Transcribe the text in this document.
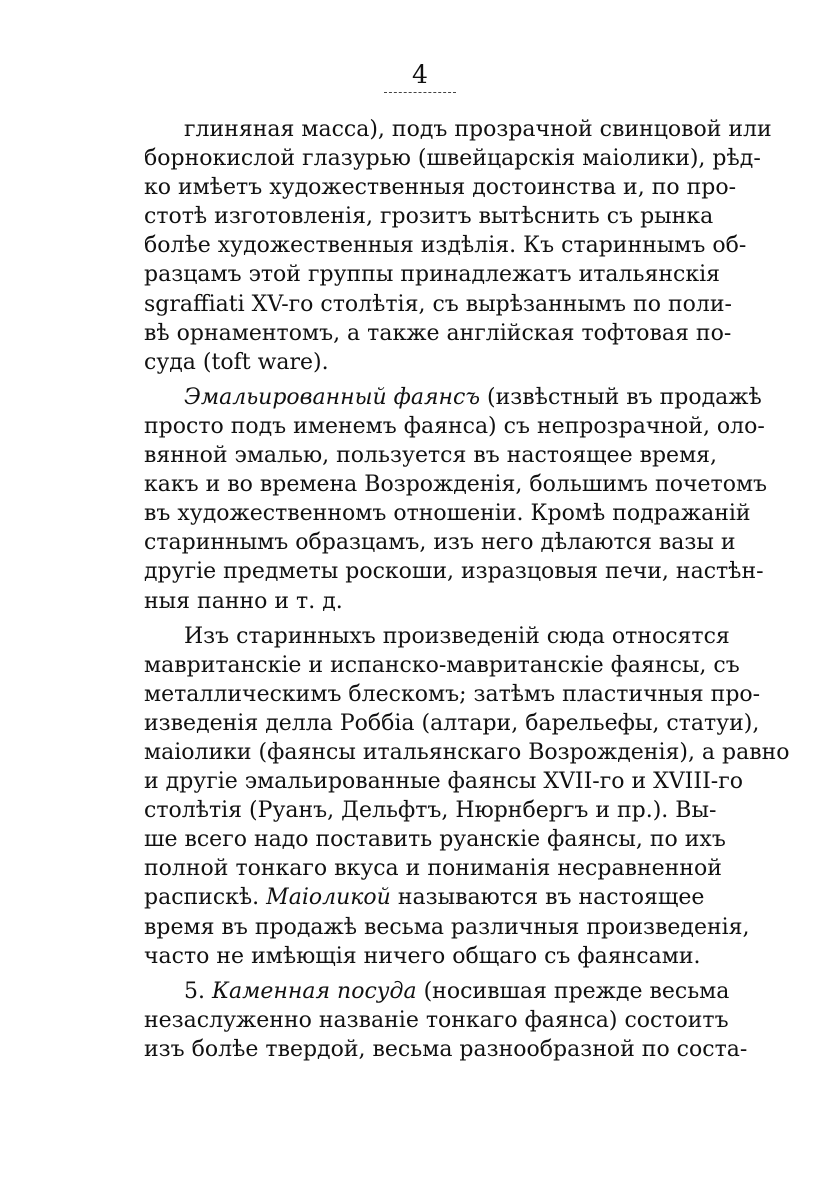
4
глиняная масса), подъ прозрачной свинцовой или
борнокислой глазурью (швейцарскія маіолики), рѣд-
ко имѣетъ художественныя достоинства и, по про-
стотѣ изготовленія, грозитъ вытѣснить съ рынка
болѣе художественныя издѣлія. Къ стариннымъ об-
разцамъ этой группы принадлежатъ итальянскія
sgraffiati XV-го столѣтія, съ вырѣзаннымъ по поли-
вѣ орнаментомъ, а также англійская тофтовая по-
суда (toft ware).
Эмальированный фаянсъ (извѣстный въ продажѣ
просто подъ именемъ фаянса) съ непрозрачной, оло-
вянной эмалью, пользуется въ настоящее время,
какъ и во времена Возрожденія, большимъ почетомъ
въ художественномъ отношеніи. Кромѣ подражаній
стариннымъ образцамъ, изъ него дѣлаются вазы и
другіе предметы роскоши, изразцовыя печи, настѣн-
ныя панно и т. д.
Изъ старинныхъ произведеній сюда относятся
мавританскіе и испанско-мавританскіе фаянсы, съ
металлическимъ блескомъ; затѣмъ пластичныя про-
изведенія делла Роббіа (алтари, барельефы, статуи),
маіолики (фаянсы итальянскаго Возрожденія), а равно
и другіе эмальированные фаянсы XVII-го и XVIII-го
столѣтія (Руанъ, Дельфтъ, Нюрнбергъ и пр.). Вы-
ше всего надо поставить руанскіе фаянсы, по ихъ
полной тонкаго вкуса и пониманія несравненной
распискѣ. Маіоликой называются въ настоящее
время въ продажѣ весьма различныя произведенія,
часто не имѣющія ничего общаго съ фаянсами.
5. Каменная посуда (носившая прежде весьма
незаслуженно названіе тонкаго фаянса) состоитъ
изъ болѣе твердой, весьма разнообразной по соста-
